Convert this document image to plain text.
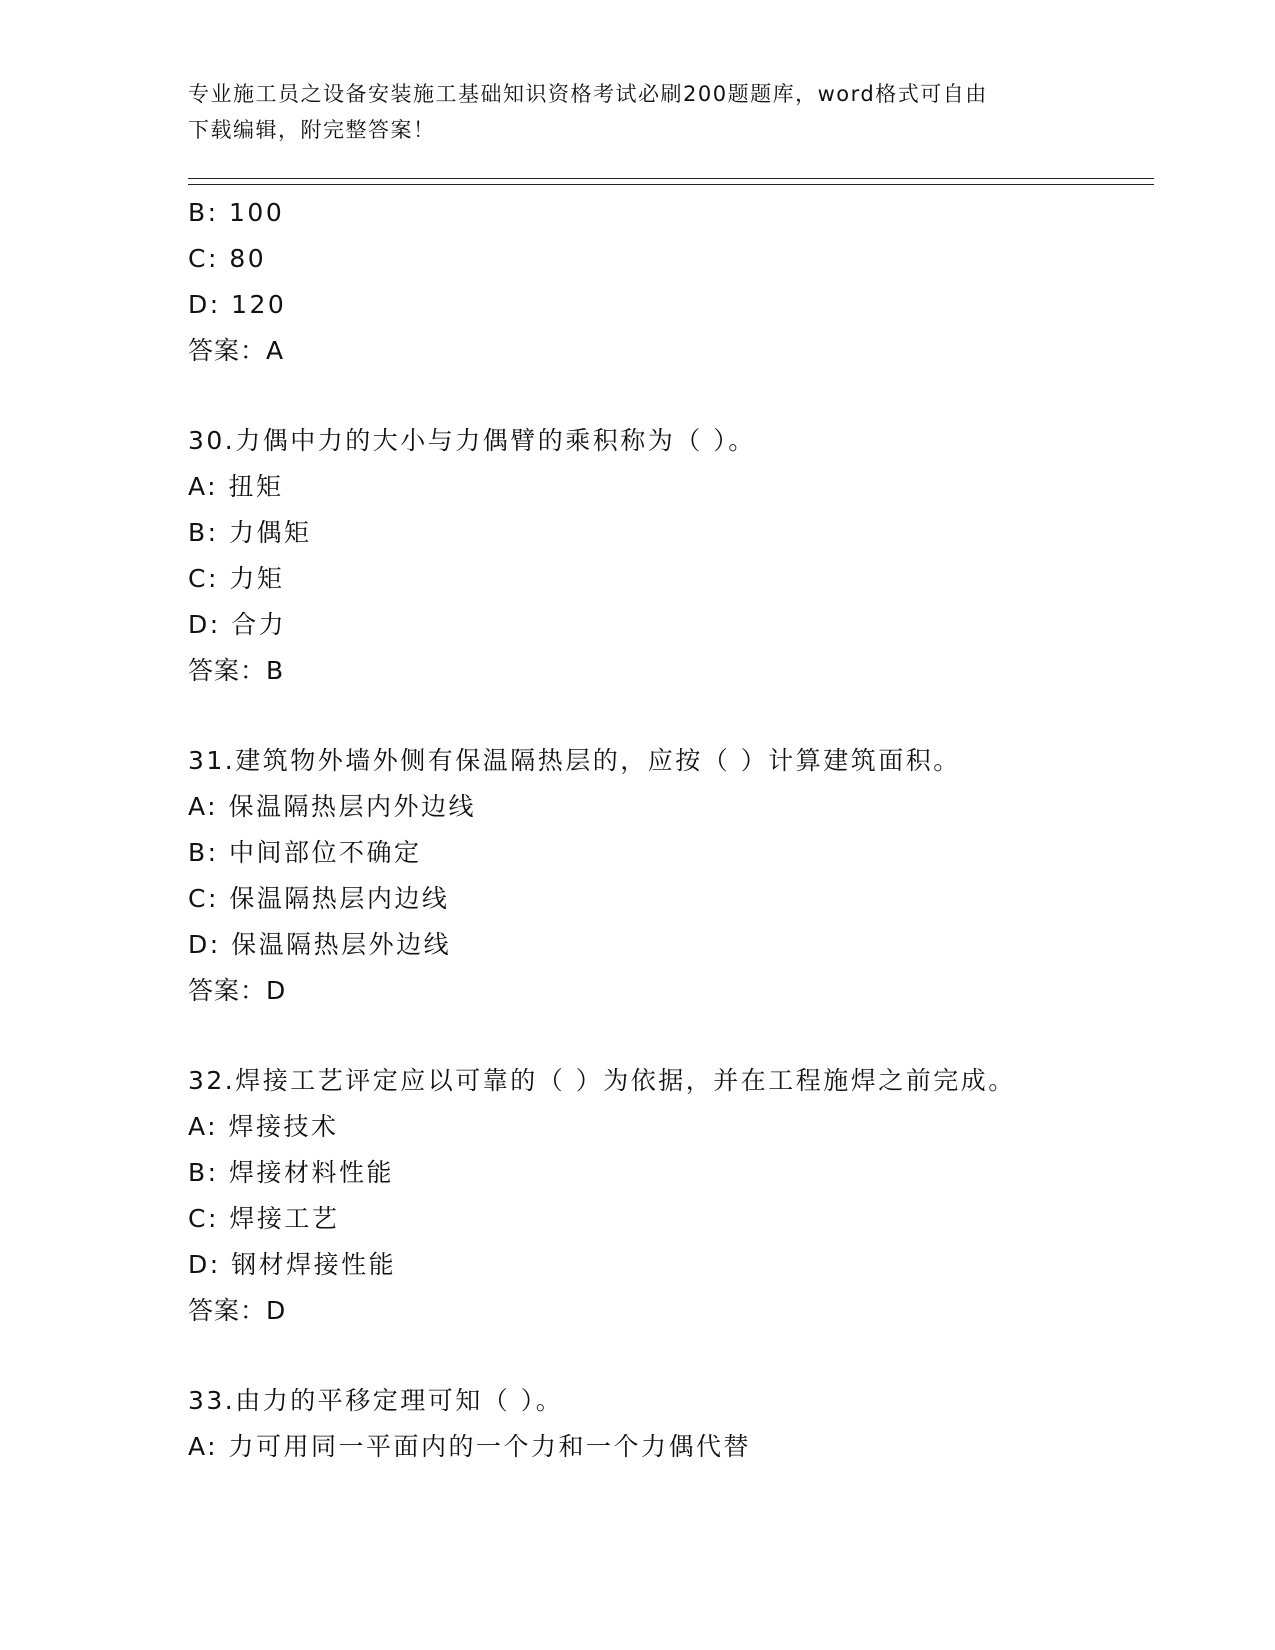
专业施工员之设备安装施工基础知识资格考试必刷200题题库，word格式可自由
下载编辑，附完整答案！
B: 100
C: 80
D: 120
答案：A
30.力偶中力的大小与力偶臂的乘积称为（ ）。
A: 扭矩
B: 力偶矩
C: 力矩
D: 合力
答案：B
31.建筑物外墙外侧有保温隔热层的，应按（ ）计算建筑面积。
A: 保温隔热层内外边线
B: 中间部位不确定
C: 保温隔热层内边线
D: 保温隔热层外边线
答案：D
32.焊接工艺评定应以可靠的（ ）为依据，并在工程施焊之前完成。
A: 焊接技术
B: 焊接材料性能
C: 焊接工艺
D: 钢材焊接性能
答案：D
33.由力的平移定理可知（ ）。
A: 力可用同一平面内的一个力和一个力偶代替
